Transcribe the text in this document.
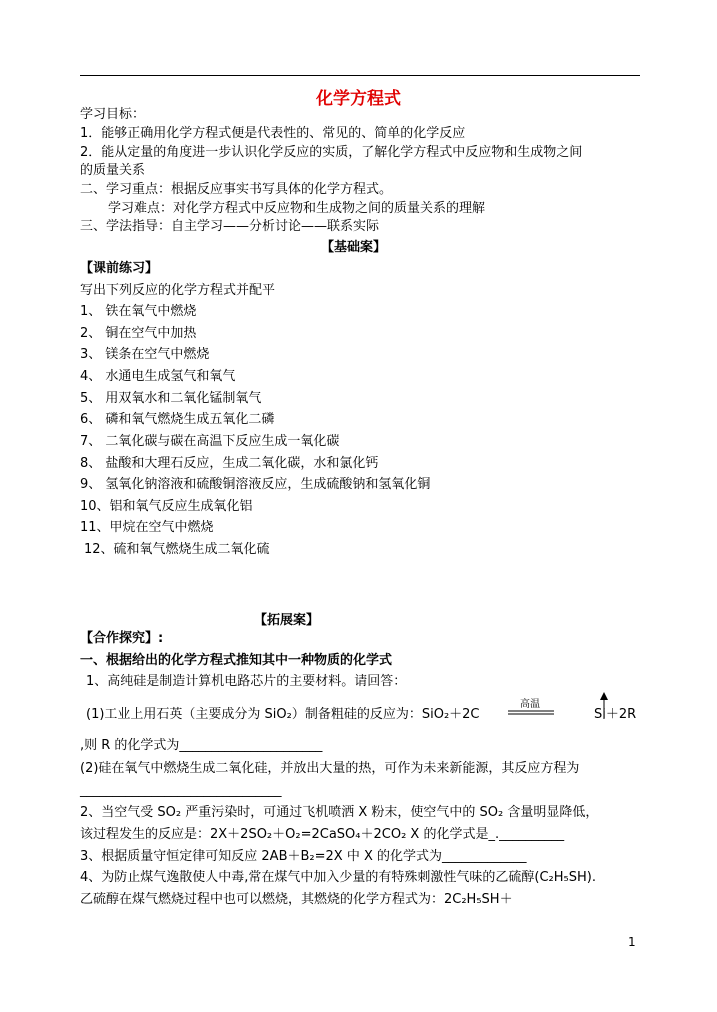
化学方程式
学习目标：
1．能够正确用化学方程式便是代表性的、常见的、简单的化学反应
2．能从定量的角度进一步认识化学反应的实质，了解化学方程式中反应物和生成物之间
的质量关系
二、学习重点：根据反应事实书写具体的化学方程式。
学习难点：对化学方程式中反应物和生成物之间的质量关系的理解
三、学法指导：自主学习——分析讨论——联系实际
【基础案】
【课前练习】
写出下列反应的化学方程式并配平
1、 铁在氧气中燃烧
2、 铜在空气中加热
3、 镁条在空气中燃烧
4、 水通电生成氢气和氧气
5、 用双氧水和二氧化锰制氧气
6、 磷和氧气燃烧生成五氧化二磷
7、 二氧化碳与碳在高温下反应生成一氧化碳
8、 盐酸和大理石反应，生成二氧化碳，水和氯化钙
9、 氢氧化钠溶液和硫酸铜溶液反应，生成硫酸钠和氢氧化铜
10、铝和氧气反应生成氧化铝
11、甲烷在空气中燃烧
12、硫和氧气燃烧生成二氧化硫
【拓展案】
【合作探究】:
一、根据给出的化学方程式推知其中一种物质的化学式
1、高纯硅是制造计算机电路芯片的主要材料。请回答：
(1)工业上用石英（主要成分为 SiO₂）制备粗硅的反应为：SiO₂＋2C
高温
Si＋2R
,则 R 的化学式为______________________
(2)硅在氧气中燃烧生成二氧化硅，并放出大量的热，可作为未来新能源，其反应方程为
_______________________________
2、当空气受 SO₂ 严重污染时，可通过飞机喷洒 X 粉末，使空气中的 SO₂ 含量明显降低，
该过程发生的反应是：2X＋2SO₂＋O₂=2CaSO₄＋2CO₂ X 的化学式是_.__________
3、根据质量守恒定律可知反应 2AB＋B₂=2X 中 X 的化学式为_____________
4、为防止煤气逸散使人中毒,常在煤气中加入少量的有特殊刺激性气味的乙硫醇(C₂H₅SH).
乙硫醇在煤气燃烧过程中也可以燃烧，其燃烧的化学方程式为：2C₂H₅SH＋
1
